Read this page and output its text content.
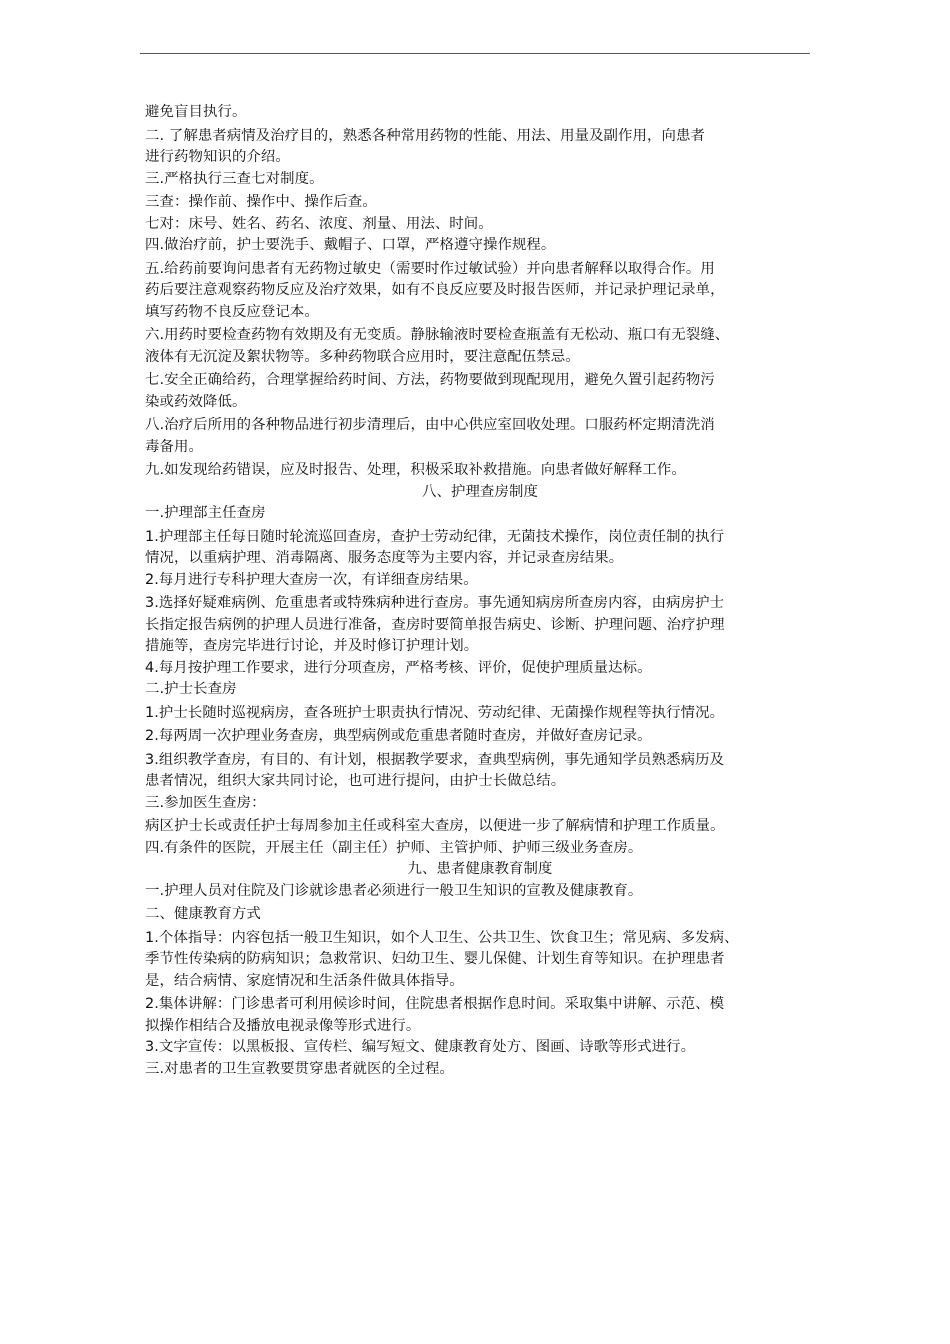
避免盲目执行。
二. 了解患者病情及治疗目的，熟悉各种常用药物的性能、用法、用量及副作用，向患者
进行药物知识的介绍。
三.严格执行三查七对制度。
三查：操作前、操作中、操作后查。
七对：床号、姓名、药名、浓度、剂量、用法、时间。
四.做治疗前，护士要洗手、戴帽子、口罩，严格遵守操作规程。
五.给药前要询问患者有无药物过敏史（需要时作过敏试验）并向患者解释以取得合作。用
药后要注意观察药物反应及治疗效果，如有不良反应要及时报告医师，并记录护理记录单，
填写药物不良反应登记本。
六.用药时要检查药物有效期及有无变质。静脉输液时要检查瓶盖有无松动、瓶口有无裂缝、
液体有无沉淀及絮状物等。多种药物联合应用时，要注意配伍禁忌。
七.安全正确给药，合理掌握给药时间、方法，药物要做到现配现用，避免久置引起药物污
染或药效降低。
八.治疗后所用的各种物品进行初步清理后，由中心供应室回收处理。口服药杯定期清洗消
毒备用。
九.如发现给药错误，应及时报告、处理，积极采取补救措施。向患者做好解释工作。
八、护理查房制度
一.护理部主任查房
1.护理部主任每日随时轮流巡回查房，查护士劳动纪律，无菌技术操作，岗位责任制的执行
情况，以重病护理、消毒隔离、服务态度等为主要内容，并记录查房结果。
2.每月进行专科护理大查房一次，有详细查房结果。
3.选择好疑难病例、危重患者或特殊病种进行查房。事先通知病房所查房内容，由病房护士
长指定报告病例的护理人员进行准备，查房时要简单报告病史、诊断、护理问题、治疗护理
措施等，查房完毕进行讨论，并及时修订护理计划。
4.每月按护理工作要求，进行分项查房，严格考核、评价，促使护理质量达标。
二.护士长查房
1.护士长随时巡视病房，查各班护士职责执行情况、劳动纪律、无菌操作规程等执行情况。
2.每两周一次护理业务查房，典型病例或危重患者随时查房，并做好查房记录。
3.组织教学查房，有目的、有计划，根据教学要求，查典型病例，事先通知学员熟悉病历及
患者情况，组织大家共同讨论，也可进行提问，由护士长做总结。
三.参加医生查房：
病区护士长或责任护士每周参加主任或科室大查房，以便进一步了解病情和护理工作质量。
四.有条件的医院，开展主任（副主任）护师、主管护师、护师三级业务查房。
九、患者健康教育制度
一.护理人员对住院及门诊就诊患者必须进行一般卫生知识的宣教及健康教育。
二、健康教育方式
1.个体指导：内容包括一般卫生知识，如个人卫生、公共卫生、饮食卫生；常见病、多发病、
季节性传染病的防病知识；急救常识、妇幼卫生、婴儿保健、计划生育等知识。在护理患者
是，结合病情、家庭情况和生活条件做具体指导。
2.集体讲解：门诊患者可利用候诊时间，住院患者根据作息时间。采取集中讲解、示范、模
拟操作相结合及播放电视录像等形式进行。
3.文字宣传：以黑板报、宣传栏、编写短文、健康教育处方、图画、诗歌等形式进行。
三.对患者的卫生宣教要贯穿患者就医的全过程。
